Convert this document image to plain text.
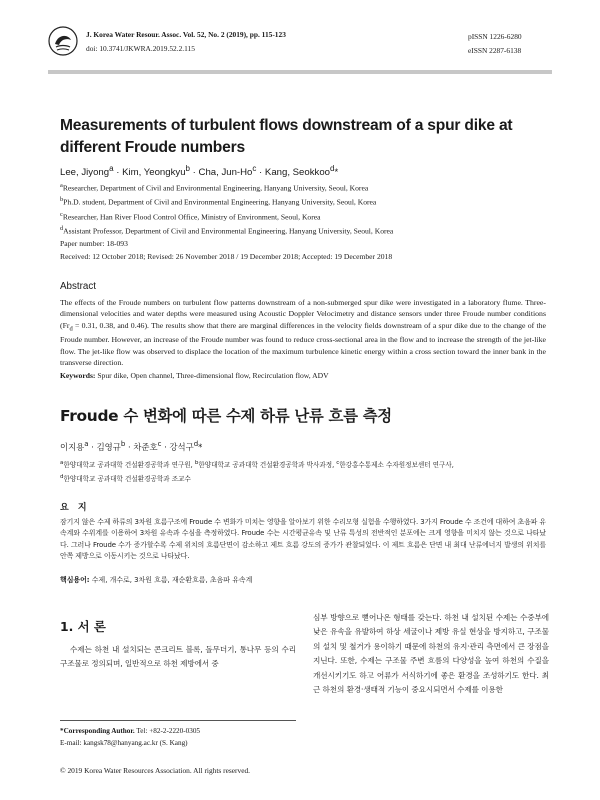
J. Korea Water Resour. Assoc. Vol. 52, No. 2 (2019), pp. 115-123
doi: 10.3741/JKWRA.2019.52.2.115
pISSN 1226-6280
eISSN 2287-6138
Measurements of turbulent flows downstream of a spur dike at different Froude numbers
Lee, Jiyong$^a$ · Kim, Yeongkyu$^b$ · Cha, Jun-$Ho^c$ · Kang, Seokkoo$^d$*
$^a$Researcher, Department of Civil and Environmental Engineering, Hanyang University, Seoul, Korea
$^b$Ph.D. student, Department of Civil and Environmental Engineering, Hanyang University, Seoul, Korea
$^c$Researcher, Han River Flood Control Office, Ministry of Environment, Seoul, Korea
$^d$Assistant Professor, Department of Civil and Environmental Engineering, Hanyang University, Seoul, Korea
Paper number: 18-093
Received: 12 October 2018; Revised: 26 November 2018 / 19 December 2018; Accepted: 19 December 2018
Abstract

The effects of the Froude numbers on turbulent flow patterns downstream of a non-submerged spur dike were investigated in a laboratory flume. Three-dimensional velocities and water depths were measured using Acoustic Doppler Velocimetry and distance sensors under three Froude number conditions ($Fr_d = 0.31$, 0.38, and 0.46). The results show that there are marginal differences in the velocity fields downstream of a spur dike due to the change of the Froude number. However, an increase of the Froude number was found to reduce cross-sectional area in the flow and to increase the strength of the jet-like flow. The jet-like flow was observed to displace the location of the maximum turbulence kinetic energy within a cross section toward the inner bank in the transverse direction.

Keywords: Spur dike, Open channel, Three-dimensional flow, Recirculation flow, ADV
Froude 수 변화에 따른 수제 하류 난류 흐름 측정
이지용$^a$ · 김영규$^b$ · 차준호$^c$ · 강석구$^d$*
$^a$한양대학교 공과대학 건설환경공학과 연구원, $^b$한양대학교 공과대학 건설환경공학과 박사과정, $^c$한강홍수통제소 수자원정보센터 연구사,
$^d$한양대학교 공과대학 건설환경공학과 조교수
요 지

잠기지 않은 수제 하류의 3차원 흐름구조에 Froude 수 변화가 미치는 영향을 알아보기 위한 수리모형 실험을 수행하였다. 3가지 Froude 수 조건에 대하여 초음파 유속계와 수위계를 이용하여 3차원 유속과 수심을 측정하였다. Froude 수는 시간평균유속 및 난류 특성의 전반적인 분포에는 크게 영향을 미치지 않는 것으로 나타났다. 그러나 Froude 수가 증가할수록 수제 위치의 흐름단면이 감소하고 제트 흐름 강도의 증가가 관찰되었다. 이 제트 흐름은 단면 내 최대 난류에너지 발생의 위치를 안쪽 제방으로 이동시키는 것으로 나타났다.

핵심용어: 수제, 개수로, 3차원 흐름, 재순환흐름, 초음파 유속계
1. 서 론

수제는 하천 내 설치되는 콘크리트 블록, 돌무더기, 통나무 등의 수리구조물로 정의되며, 일반적으로 하천 제방에서 중

심부 방향으로 뻗어나온 형태를 갖는다. 하천 내 설치된 수제는 수중부에 낮은 유속을 유발하여 하상 세굴이나 제방 유실 현상을 방지하고, 구조물의 설치 및 철거가 용이하기 때문에 하천의 유지·관리 측면에서 큰 장점을 지닌다. 또한, 수제는 구조물 주변 흐름의 다양성을 높여 하천의 수질을 개선시키기도 하고 어류가 서식하기에 좋은 환경을 조성하기도 한다. 최근 하천의 환경·생태적 기능이 중요시되면서 수제를 이용한

*Corresponding Author. Tel: +82-2-2220-0305
E-mail: kangsk78@hanyang.ac.kr (S. Kang)
© 2019 Korea Water Resources Association. All rights reserved.
